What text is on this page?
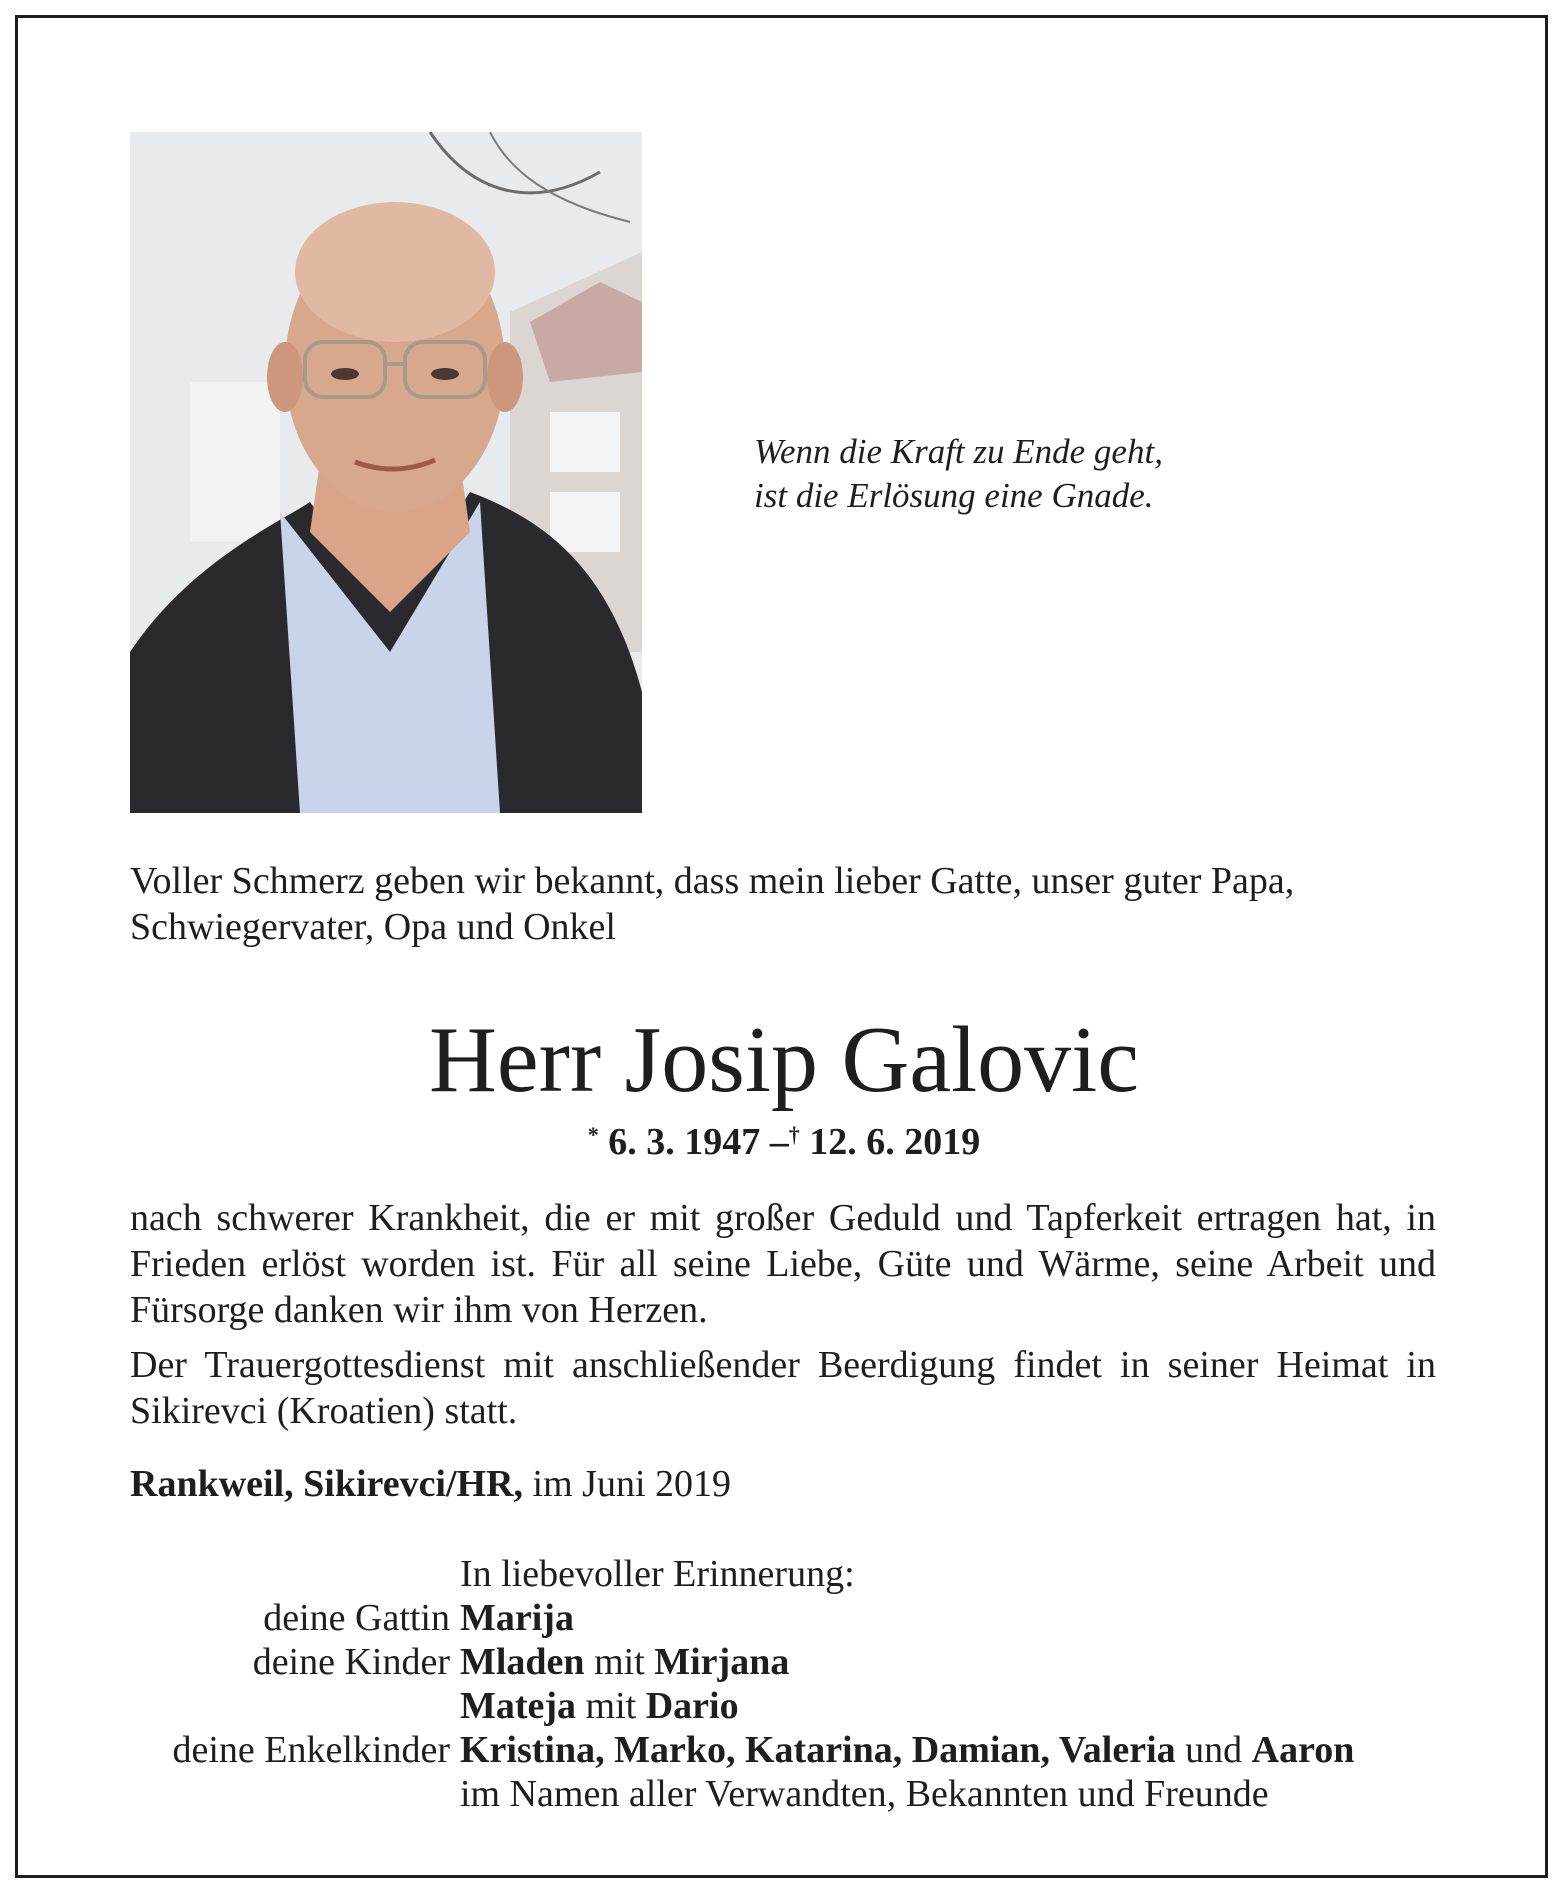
Wenn die Kraft zu Ende geht,
ist die Erlösung eine Gnade.
Voller Schmerz geben wir bekannt, dass mein lieber Gatte, unser guter Papa, Schwiegervater, Opa und Onkel
Herr Josip Galovic
* 6. 3. 1947 –† 12. 6. 2019
nach schwerer Krankheit, die er mit großer Geduld und Tapferkeit ertragen hat, in Frieden erlöst worden ist. Für all seine Liebe, Güte und Wärme, seine Arbeit und Fürsorge danken wir ihm von Herzen.
Der Trauergottesdienst mit anschließender Beerdigung findet in seiner Heimat in Sikirevci (Kroatien) statt.
Rankweil, Sikirevci/HR, im Juni 2019
In liebevoller Erinnerung:
deine Gattin Marija
deine Kinder Mladen mit Mirjana
Mateja mit Dario
deine Enkelkinder Kristina, Marko, Katarina, Damian, Valeria und Aaron
im Namen aller Verwandten, Bekannten und Freunde
